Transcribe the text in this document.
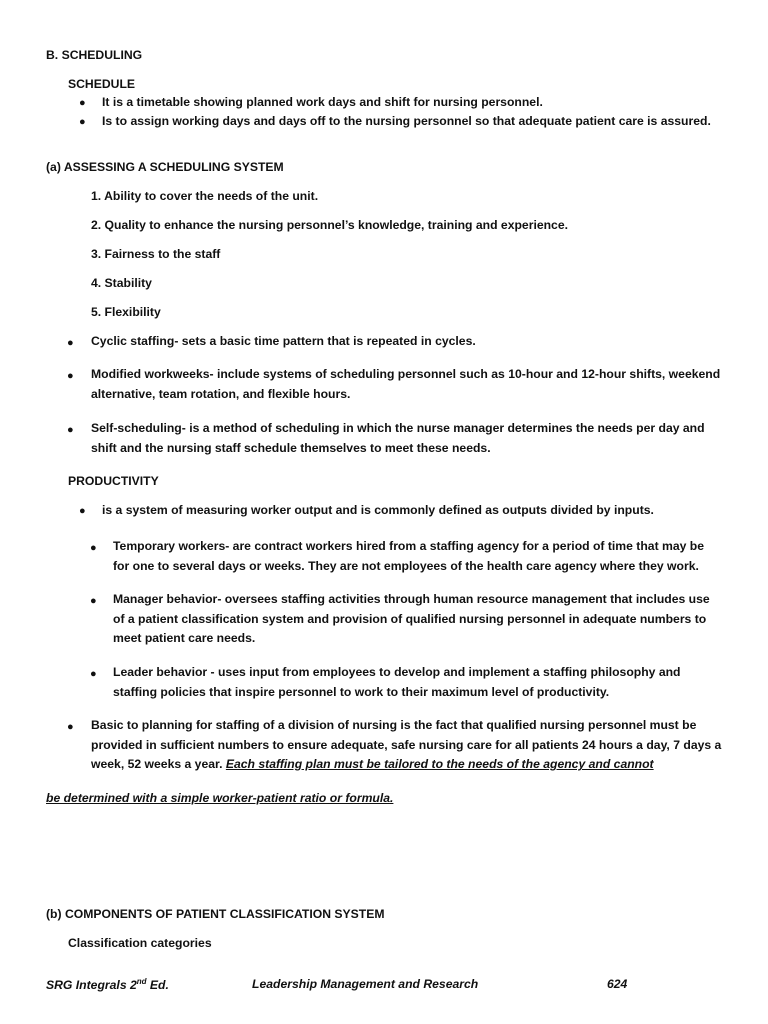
B. SCHEDULING
SCHEDULE
● It is a timetable showing planned work days and shift for nursing personnel.
● Is to assign working days and days off to the nursing personnel so that adequate patient care is assured.
(a) ASSESSING A SCHEDULING SYSTEM
1. Ability to cover the needs of the unit.
2. Quality to enhance the nursing personnel’s knowledge, training and experience.
3. Fairness to the staff
4. Stability
5. Flexibility
● Cyclic staffing- sets a basic time pattern that is repeated in cycles.
● Modified workweeks- include systems of scheduling personnel such as 10-hour and 12-hour shifts, weekend alternative, team rotation, and flexible hours.
● Self-scheduling- is a method of scheduling in which the nurse manager determines the needs per day and shift and the nursing staff schedule themselves to meet these needs.
PRODUCTIVITY
● is a system of measuring worker output and is commonly defined as outputs divided by inputs.
● Temporary workers- are contract workers hired from a staffing agency for a period of time that may be for one to several days or weeks. They are not employees of the health care agency where they work.
● Manager behavior- oversees staffing activities through human resource management that includes use of a patient classification system and provision of qualified nursing personnel in adequate numbers to meet patient care needs.
● Leader behavior - uses input from employees to develop and implement a staffing philosophy and staffing policies that inspire personnel to work to their maximum level of productivity.
● Basic to planning for staffing of a division of nursing is the fact that qualified nursing personnel must be provided in sufficient numbers to ensure adequate, safe nursing care for all patients 24 hours a day, 7 days a week, 52 weeks a year. Each staffing plan must be tailored to the needs of the agency and cannot
be determined with a simple worker-patient ratio or formula.
(b) COMPONENTS OF PATIENT CLASSIFICATION SYSTEM
Classification categories
SRG Integrals 2nd Ed.	Leadership Management and Research	624
